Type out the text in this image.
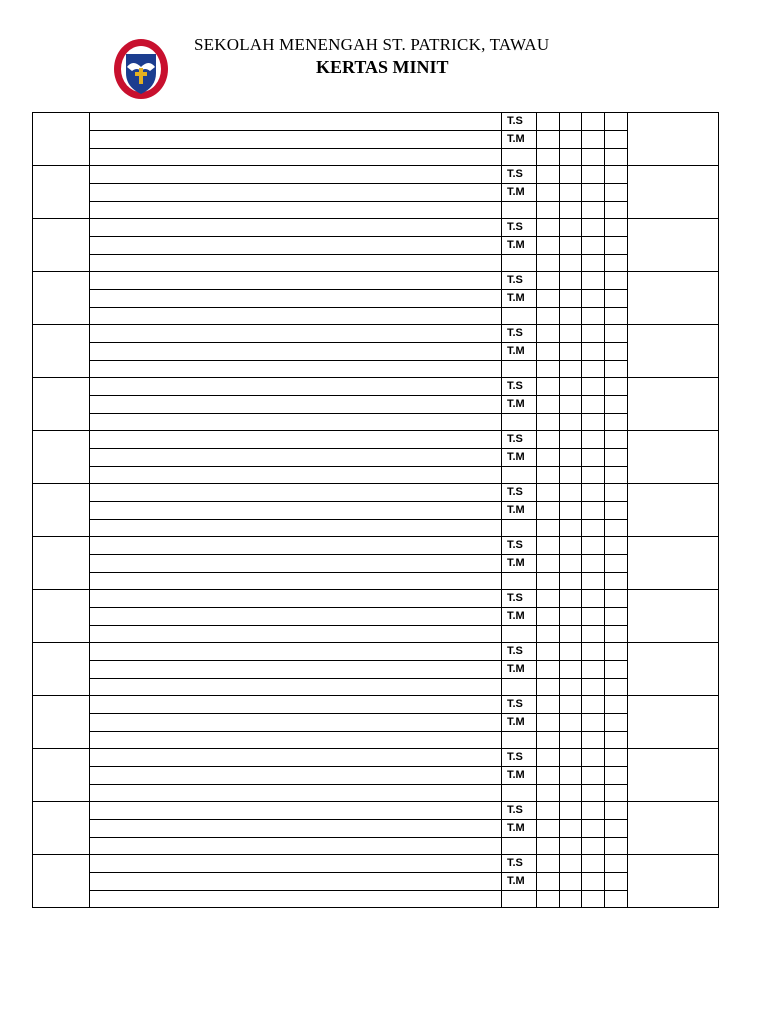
SEKOLAH MENENGAH ST. PATRICK, TAWAU
KERTAS MINIT
		T.S					
		T.M					

		T.S					
		T.M					

		T.S					
		T.M					

		T.S					
		T.M					

		T.S					
		T.M					

		T.S					
		T.M					

		T.S					
		T.M					

		T.S					
		T.M					

		T.S					
		T.M					

		T.S					
		T.M					

		T.S					
		T.M					

		T.S					
		T.M					

		T.S					
		T.M					

		T.S					
		T.M					

		T.S					
		T.M					
